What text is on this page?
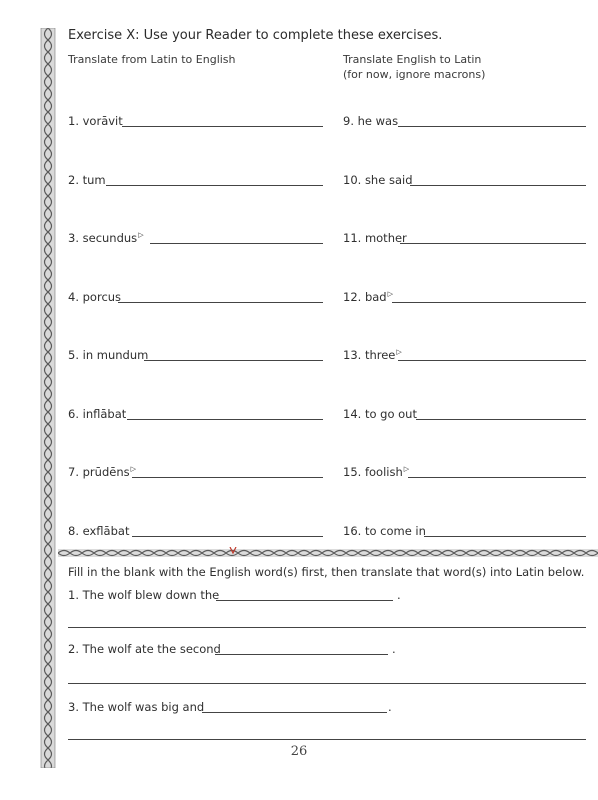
Exercise X: Use your Reader to complete these exercises.
Translate from Latin to English	Translate English to Latin
(for now, ignore macrons)
1. vorāvit
2. tum
3. secundus▷
4. porcus
5. in mundum
6. inflābat
7. prūdēns▷
8. exflābat
9. he was
10. she said
11. mother
12. bad▷
13. three▷
14. to go out
15. foolish▷
16. to come in
Fill in the blank with the English word(s) first, then translate that word(s) into Latin below.
1. The wolf blew down the	.
2. The wolf ate the second	.
3. The wolf was big and	.
26
